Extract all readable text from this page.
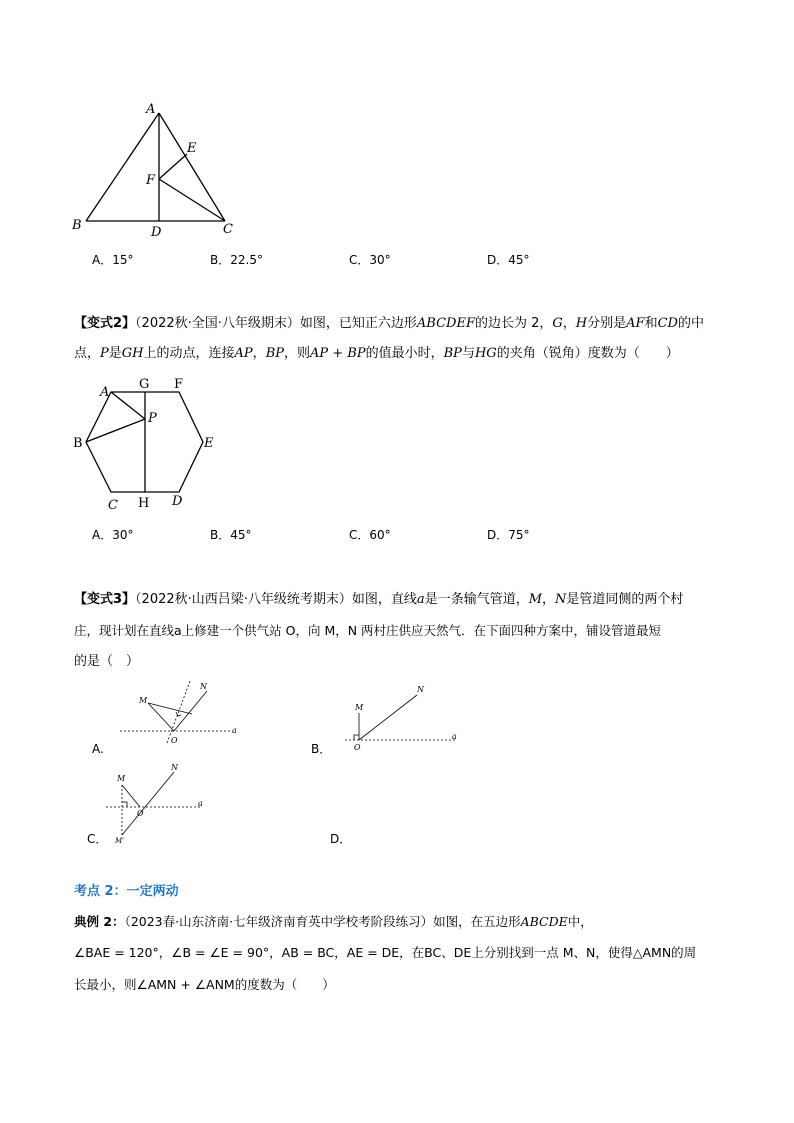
A
E
F
B	D	C
A．15°	B．22.5°	C．30°	D．45°
【变式2】（2022秋·全国·八年级期末）如图，已知正六边形ABCDEF的边长为 2，G，H分别是AF和CD的中
点，P是GH上的动点，连接AP，BP，则AP + BP的值最小时，BP与HG的夹角（锐角）度数为（　　）
A
G F
P
B	E
C H D
A．30°	B．45°	C．60°	D．75°
【变式3】（2022秋·山西吕梁·八年级统考期末）如图，直线a是一条输气管道，M，N是管道同侧的两个村
庄，现计划在直线a上修建一个供气站 O，向 M，N 两村庄供应天然气．在下面四种方案中，铺设管道最短
的是（　）
M
N
O
a
A.
M
N
O
a
B．
M
N
O
a
M'
C．	D．
考点 2：一定两动
典例 2：（2023春·山东济南·七年级济南育英中学校考阶段练习）如图，在五边形ABCDE中，
∠BAE = 120°，∠B = ∠E = 90°，AB = BC，AE = DE，在BC、DE上分别找到一点 M、N，使得△AMN的周
长最小，则∠AMN + ∠ANM的度数为（　　）
